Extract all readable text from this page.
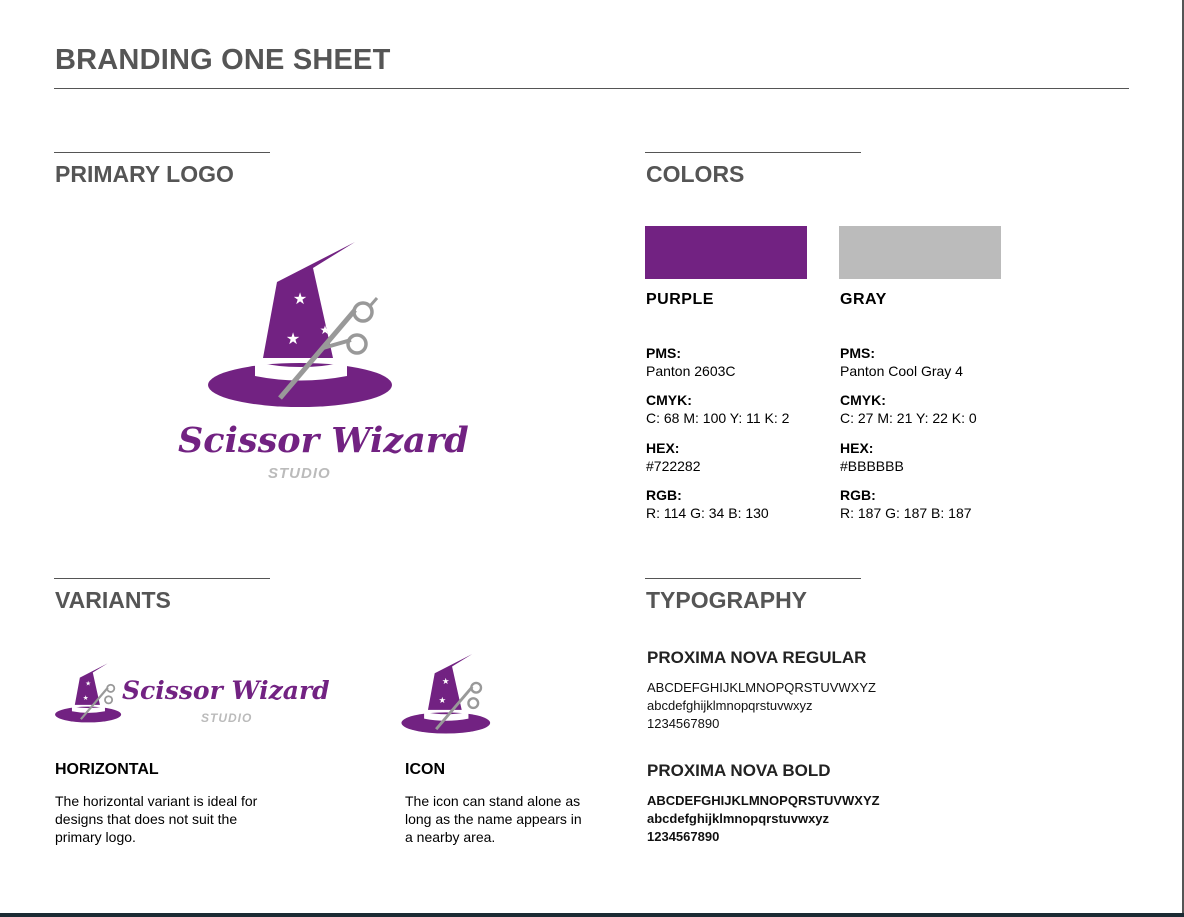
BRANDING ONE SHEET
PRIMARY LOGO
★
★
★
★
Scissor Wizard
STUDIO
COLORS
PURPLE
PMS:
Panton 2603C
CMYK:
C: 68 M: 100 Y: 11 K: 2
HEX:
#722282
RGB:
R: 114 G: 34 B: 130
GRAY
PMS:
Panton Cool Gray 4
CMYK:
C: 27 M: 21 Y: 22 K: 0
HEX:
#BBBBBB
RGB:
R: 187 G: 187 B: 187
VARIANTS
★
★ Scissor Wizard
STUDIO
★
★
★
HORIZONTAL
The horizontal variant is ideal for designs that does not suit the primary logo.
ICON
The icon can stand alone as long as the name appears in a nearby area.
TYPOGRAPHY
PROXIMA NOVA REGULAR
ABCDEFGHIJKLMNOPQRSTUVWXYZ
abcdefghijklmnopqrstuvwxyz
1234567890
PROXIMA NOVA BOLD
ABCDEFGHIJKLMNOPQRSTUVWXYZ
abcdefghijklmnopqrstuvwxyz
1234567890
